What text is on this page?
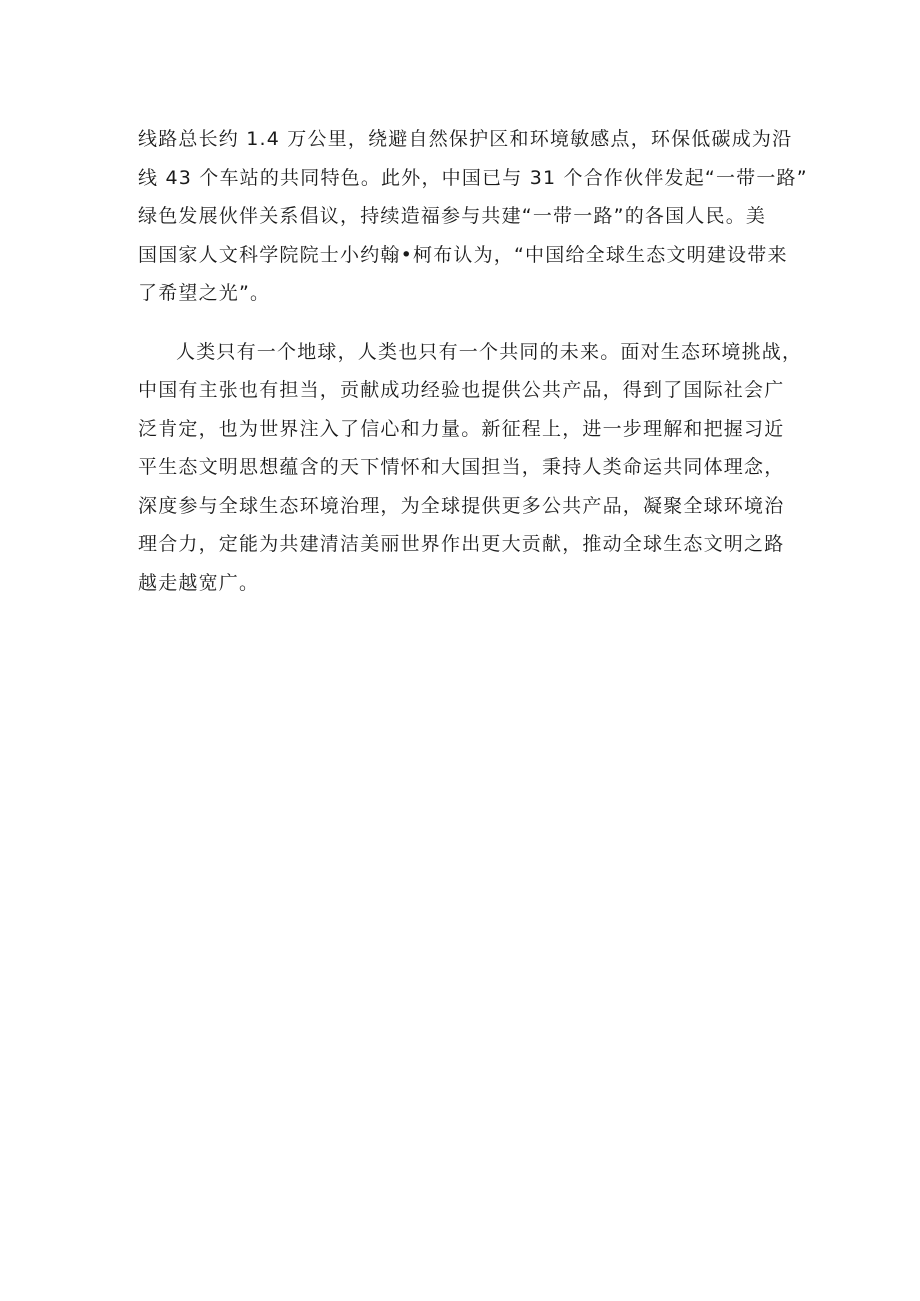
线路总长约 1.4 万公里，绕避自然保护区和环境敏感点，环保低碳成为沿
线 43 个车站的共同特色。此外，中国已与 31 个合作伙伴发起“一带一路”
绿色发展伙伴关系倡议，持续造福参与共建“一带一路”的各国人民。美
国国家人文科学院院士小约翰•柯布认为，“中国给全球生态文明建设带来
了希望之光”。
人类只有一个地球，人类也只有一个共同的未来。面对生态环境挑战，
中国有主张也有担当，贡献成功经验也提供公共产品，得到了国际社会广
泛肯定，也为世界注入了信心和力量。新征程上，进一步理解和把握习近
平生态文明思想蕴含的天下情怀和大国担当，秉持人类命运共同体理念，
深度参与全球生态环境治理，为全球提供更多公共产品，凝聚全球环境治
理合力，定能为共建清洁美丽世界作出更大贡献，推动全球生态文明之路
越走越宽广。
